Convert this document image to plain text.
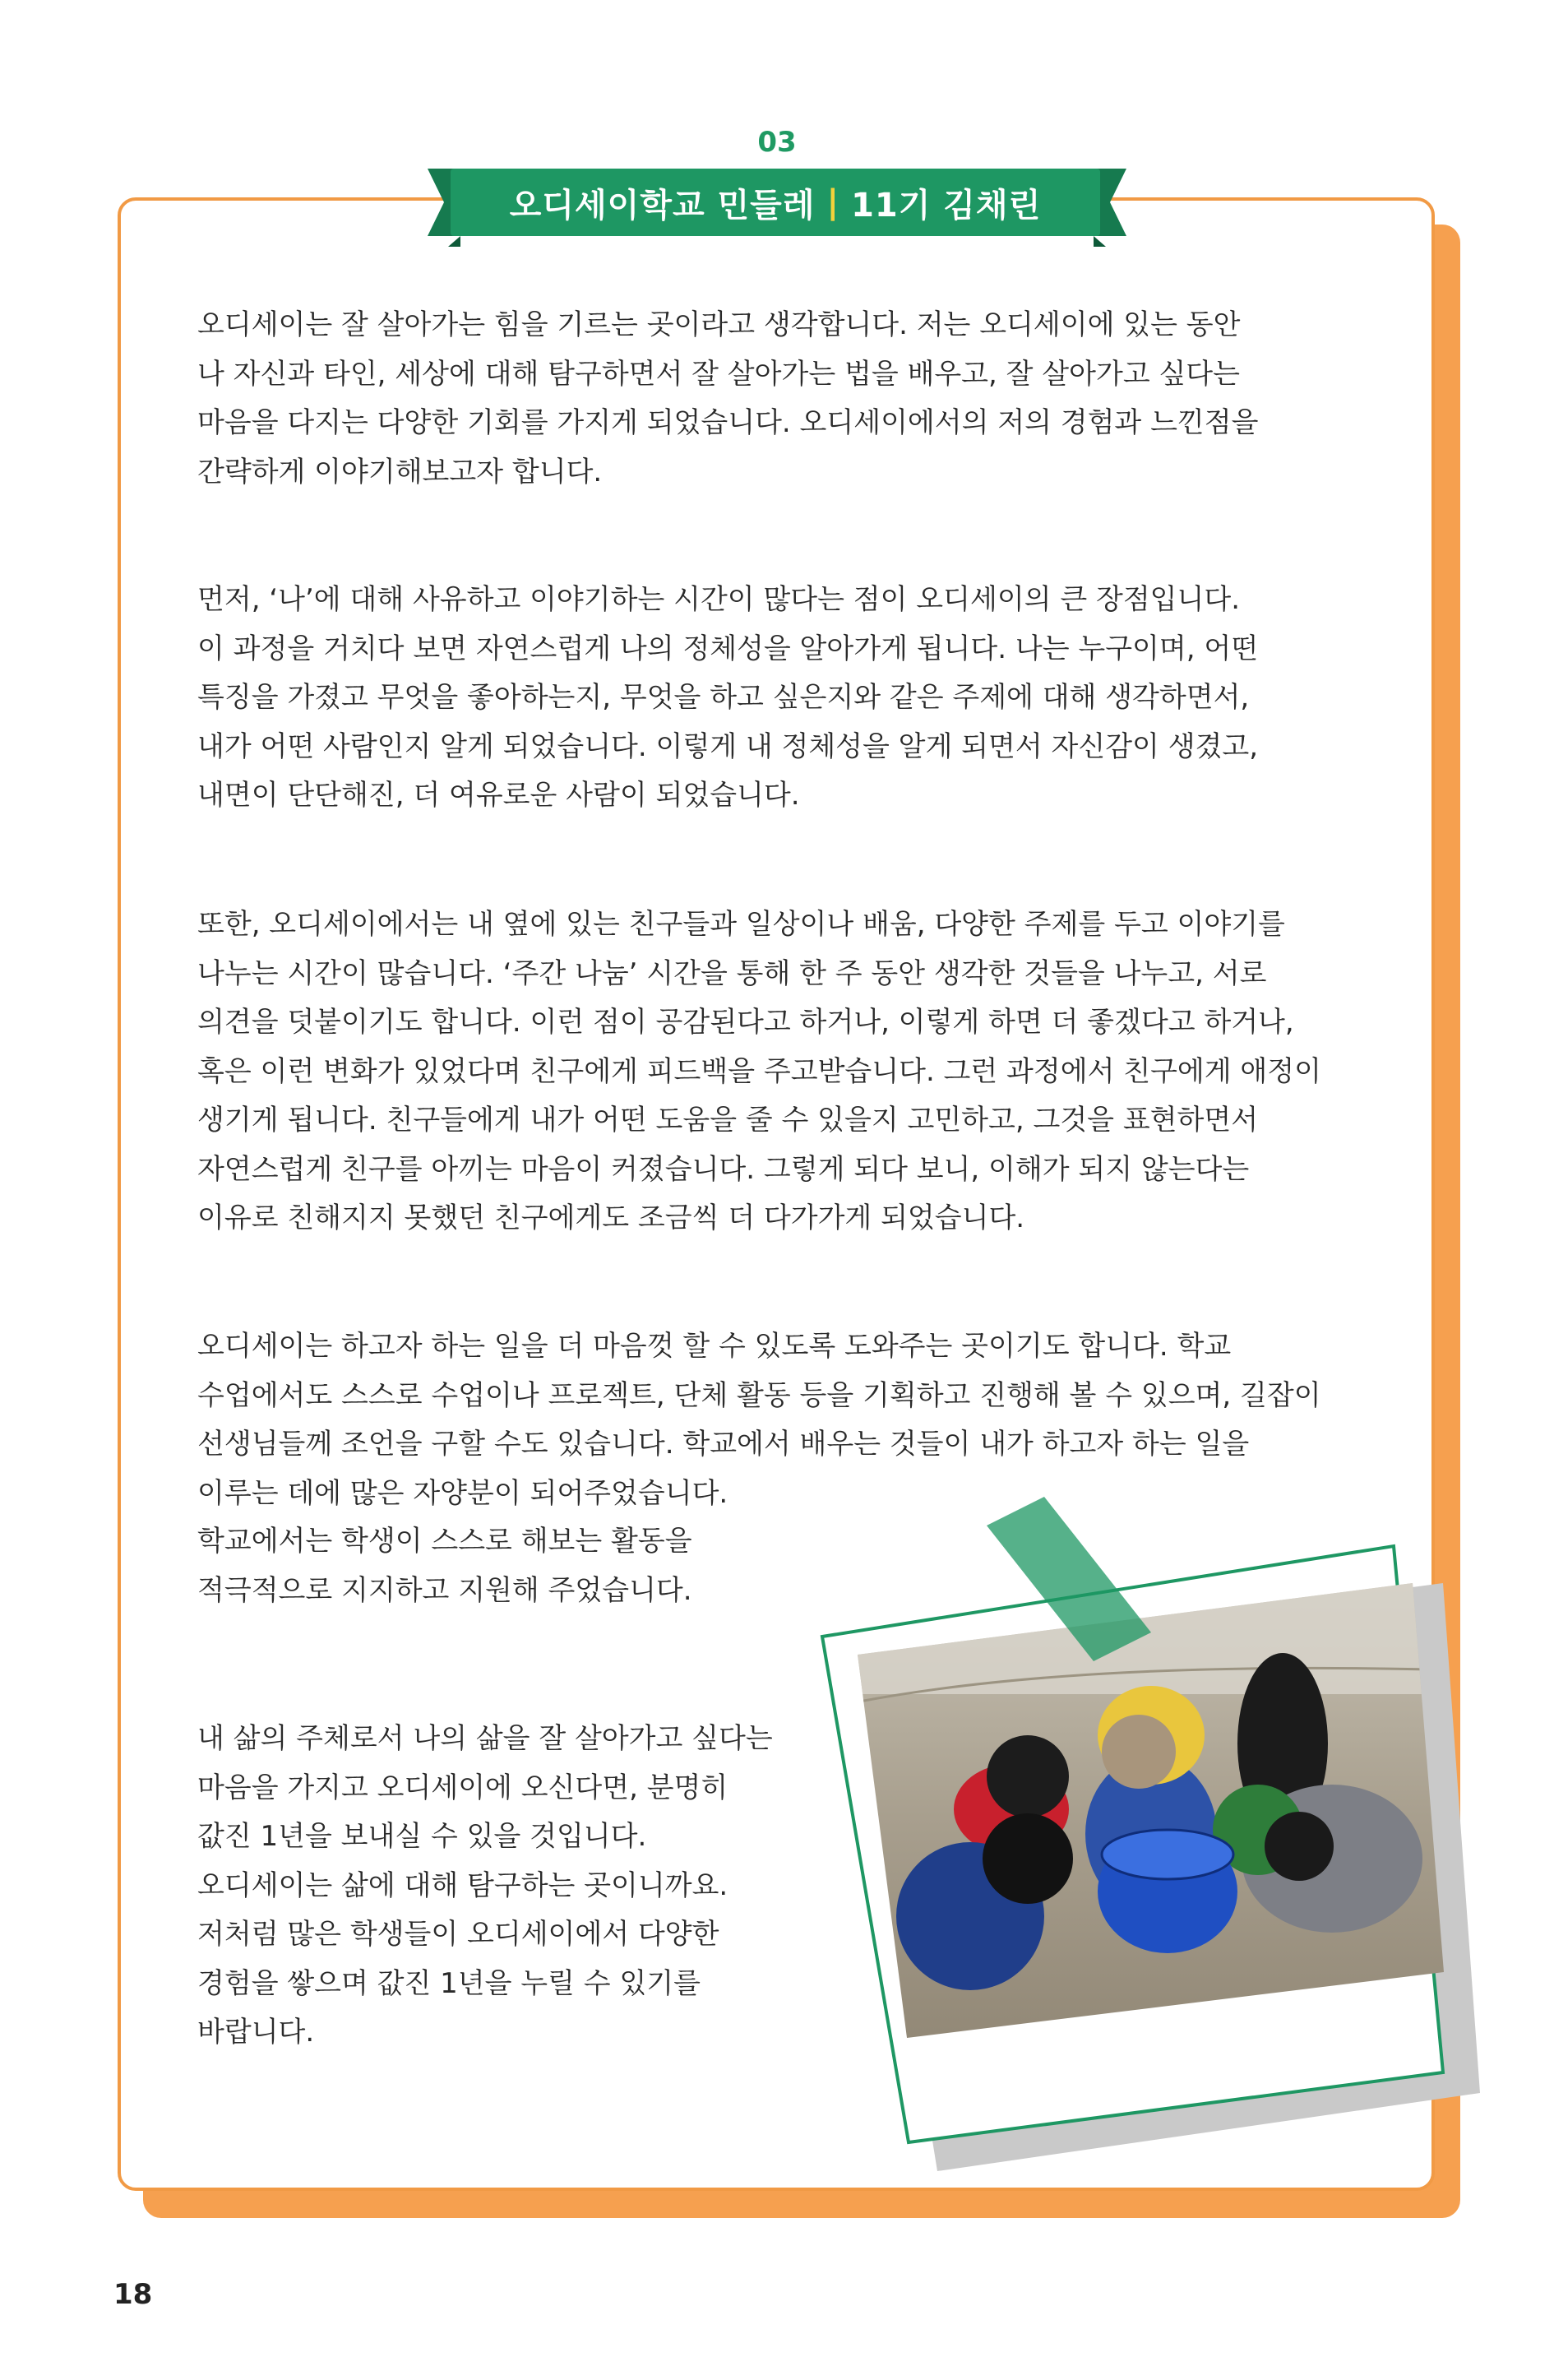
03
오디세이학교 민들레 | 11기 김채린

오디세이는 잘 살아가는 힘을 기르는 곳이라고 생각합니다. 저는 오디세이에 있는 동안
나 자신과 타인, 세상에 대해 탐구하면서 잘 살아가는 법을 배우고, 잘 살아가고 싶다는
마음을 다지는 다양한 기회를 가지게 되었습니다. 오디세이에서의 저의 경험과 느낀점을
간략하게 이야기해보고자 합니다.

먼저, ‘나’에 대해 사유하고 이야기하는 시간이 많다는 점이 오디세이의 큰 장점입니다.
이 과정을 거치다 보면 자연스럽게 나의 정체성을 알아가게 됩니다. 나는 누구이며, 어떤
특징을 가졌고 무엇을 좋아하는지, 무엇을 하고 싶은지와 같은 주제에 대해 생각하면서,
내가 어떤 사람인지 알게 되었습니다. 이렇게 내 정체성을 알게 되면서 자신감이 생겼고,
내면이 단단해진, 더 여유로운 사람이 되었습니다.

또한, 오디세이에서는 내 옆에 있는 친구들과 일상이나 배움, 다양한 주제를 두고 이야기를
나누는 시간이 많습니다. ‘주간 나눔’ 시간을 통해 한 주 동안 생각한 것들을 나누고, 서로
의견을 덧붙이기도 합니다. 이런 점이 공감된다고 하거나, 이렇게 하면 더 좋겠다고 하거나,
혹은 이런 변화가 있었다며 친구에게 피드백을 주고받습니다. 그런 과정에서 친구에게 애정이
생기게 됩니다. 친구들에게 내가 어떤 도움을 줄 수 있을지 고민하고, 그것을 표현하면서
자연스럽게 친구를 아끼는 마음이 커졌습니다. 그렇게 되다 보니, 이해가 되지 않는다는
이유로 친해지지 못했던 친구에게도 조금씩 더 다가가게 되었습니다.

오디세이는 하고자 하는 일을 더 마음껏 할 수 있도록 도와주는 곳이기도 합니다. 학교
수업에서도 스스로 수업이나 프로젝트, 단체 활동 등을 기획하고 진행해 볼 수 있으며, 길잡이
선생님들께 조언을 구할 수도 있습니다. 학교에서 배우는 것들이 내가 하고자 하는 일을
이루는 데에 많은 자양분이 되어주었습니다.

학교에서는 학생이 스스로 해보는 활동을
적극적으로 지지하고 지원해 주었습니다.

내 삶의 주체로서 나의 삶을 잘 살아가고 싶다는
마음을 가지고 오디세이에 오신다면, 분명히
값진 1년을 보내실 수 있을 것입니다.
오디세이는 삶에 대해 탐구하는 곳이니까요.
저처럼 많은 학생들이 오디세이에서 다양한
경험을 쌓으며 값진 1년을 누릴 수 있기를
바랍니다.

18
